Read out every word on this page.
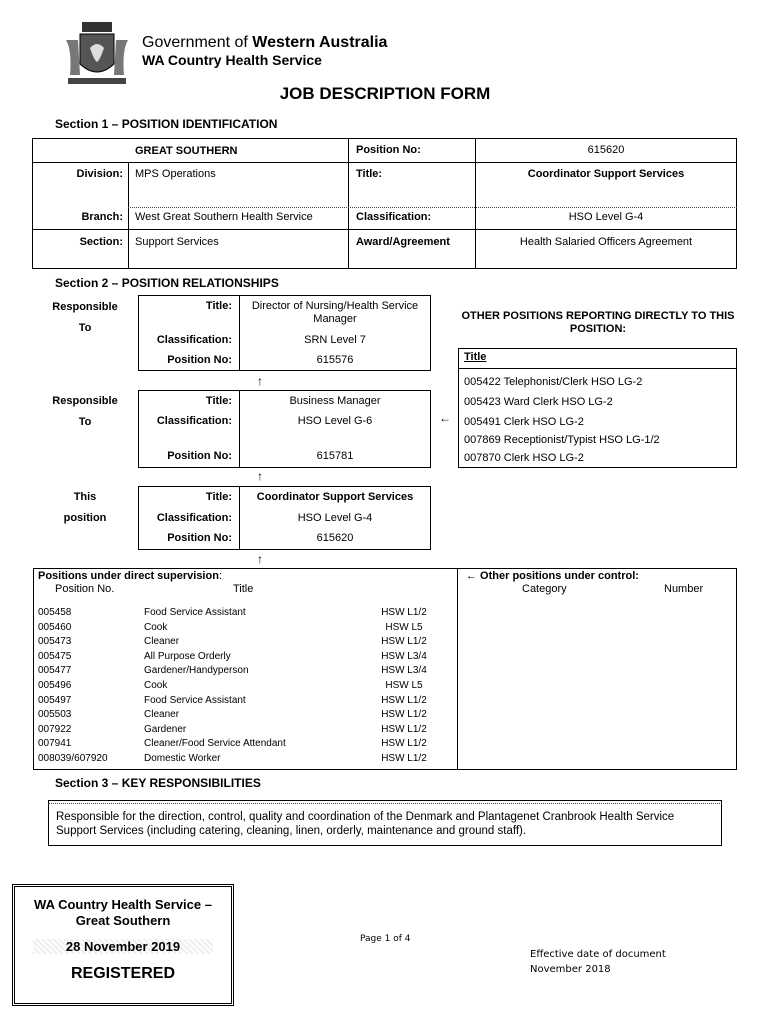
Government of Western Australia
WA Country Health Service
JOB DESCRIPTION FORM
Section 1 – POSITION IDENTIFICATION
GREAT SOUTHERN	Position No:	615620
Division: MPS Operations	Title:	Coordinator Support Services
Branch: West Great Southern Health Service	Classification:	HSO Level G-4
Section: Support Services	Award/Agreement	Health Salaried Officers Agreement
Section 2 – POSITION RELATIONSHIPS
Responsible
To
Responsible
To
This
position
Title:	Director of Nursing/Health Service Manager
Classification:	SRN Level 7
Position No:	615576
↑
Title:	Business Manager
Classification:	HSO Level G-6
Position No:	615781
←
↑
Title:	Coordinator Support Services
Classification:	HSO Level G-4
Position No:	615620
↑
OTHER POSITIONS REPORTING DIRECTLY TO THIS POSITION:
Title
005422 Telephonist/Clerk HSO LG-2
005423 Ward Clerk HSO LG-2
005491 Clerk HSO LG-2
007869 Receptionist/Typist HSO LG-1/2
007870 Clerk HSO LG-2
Positions under direct supervision:
Position No.	Title
← Other positions under control:
Category	Number
005458	Food Service Assistant	HSW L1/2
005460	Cook	HSW L5
005473	Cleaner	HSW L1/2
005475	All Purpose Orderly	HSW L3/4
005477	Gardener/Handyperson	HSW L3/4
005496	Cook	HSW L5
005497	Food Service Assistant	HSW L1/2
005503	Cleaner	HSW L1/2
007922	Gardener	HSW L1/2
007941	Cleaner/Food Service Attendant	HSW L1/2
008039/607920	Domestic Worker	HSW L1/2
Section 3 – KEY RESPONSIBILITIES
Responsible for the direction, control, quality and coordination of the Denmark and Plantagenet Cranbrook Health Service Support Services (including catering, cleaning, linen, orderly, maintenance and ground staff).
WA Country Health Service –
Great Southern
28 November 2019
REGISTERED
Page 1 of 4
Effective date of document
November 2018
